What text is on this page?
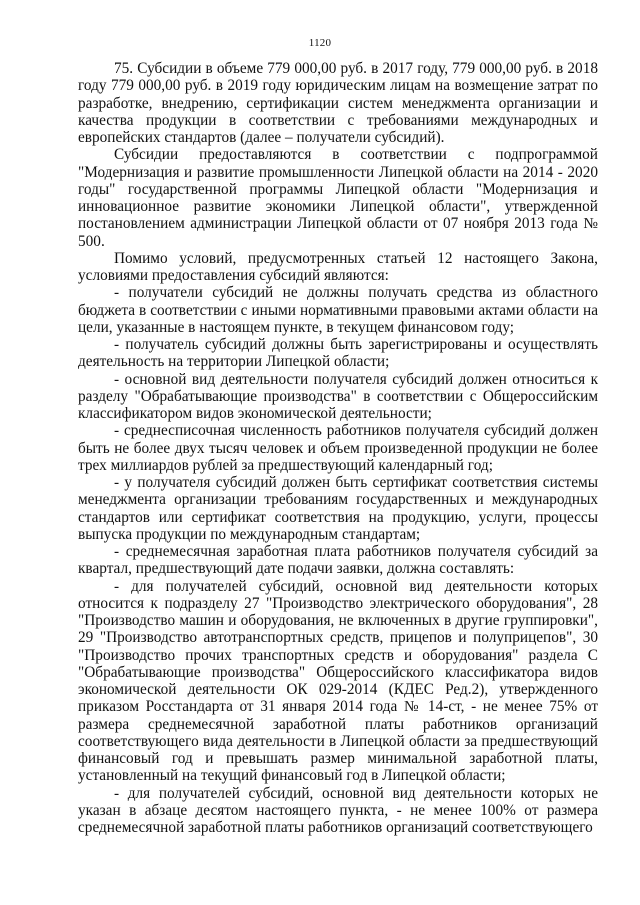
1120

75. Субсидии в объеме 779 000,00 руб. в 2017 году, 779 000,00 руб. в 2018 году 779 000,00 руб. в 2019 году юридическим лицам на возмещение затрат по разработке, внедрению, сертификации систем менеджмента организации и качества продукции в соответствии с требованиями международных и европейских стандартов (далее – получатели субсидий).

Субсидии предоставляются в соответствии с подпрограммой "Модернизация и развитие промышленности Липецкой области на 2014 - 2020 годы" государственной программы Липецкой области "Модернизация и инновационное развитие экономики Липецкой области", утвержденной постановлением администрации Липецкой области от 07 ноября 2013 года № 500.

Помимо условий, предусмотренных статьей 12 настоящего Закона, условиями предоставления субсидий являются:

- получатели субсидий не должны получать средства из областного бюджета в соответствии с иными нормативными правовыми актами области на цели, указанные в настоящем пункте, в текущем финансовом году;

- получатель субсидий должны быть зарегистрированы и осуществлять деятельность на территории Липецкой области;

- основной вид деятельности получателя субсидий должен относиться к разделу "Обрабатывающие производства" в соответствии с Общероссийским классификатором видов экономической деятельности;

- среднесписочная численность работников получателя субсидий должен быть не более двух тысяч человек и объем произведенной продукции не более трех миллиардов рублей за предшествующий календарный год;

- у получателя субсидий должен быть сертификат соответствия системы менеджмента организации требованиям государственных и международных стандартов или сертификат соответствия на продукцию, услуги, процессы выпуска продукции по международным стандартам;

- среднемесячная заработная плата работников получателя субсидий за квартал, предшествующий дате подачи заявки, должна составлять:

- для получателей субсидий, основной вид деятельности которых относится к подразделу 27 "Производство электрического оборудования", 28 "Производство машин и оборудования, не включенных в другие группировки", 29 "Производство автотранспортных средств, прицепов и полуприцепов", 30 "Производство прочих транспортных средств и оборудования" раздела С "Обрабатывающие производства" Общероссийского классификатора видов экономической деятельности ОК 029-2014 (КДЕС Ред.2), утвержденного приказом Росстандарта от 31 января 2014 года № 14-ст, - не менее 75% от размера среднемесячной заработной платы работников организаций соответствующего вида деятельности в Липецкой области за предшествующий финансовый год и превышать размер минимальной заработной платы, установленный на текущий финансовый год в Липецкой области;

- для получателей субсидий, основной вид деятельности которых не указан в абзаце десятом настоящего пункта, - не менее 100% от размера среднемесячной заработной платы работников организаций соответствующего
